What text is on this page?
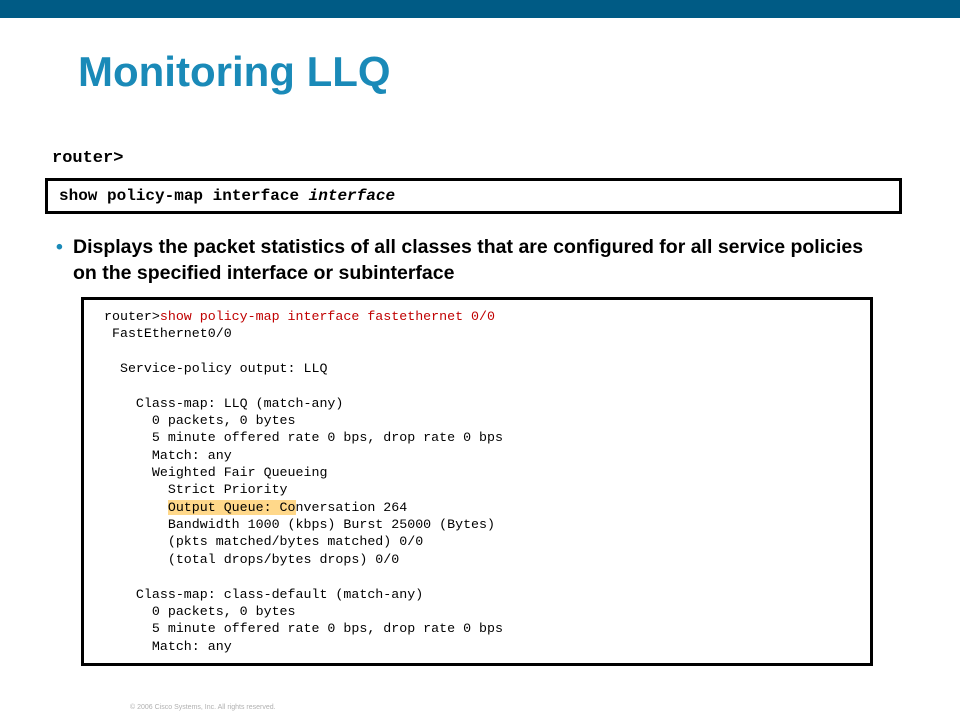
Monitoring LLQ
router>
show policy-map interface interface
• Displays the packet statistics of all classes that are configured for all service policies on the specified interface or subinterface
router>show policy-map interface fastethernet 0/0
FastEthernet0/0

Service-policy output: LLQ

Class-map: LLQ (match-any)
0 packets, 0 bytes
5 minute offered rate 0 bps, drop rate 0 bps
Match: any
Weighted Fair Queueing
Strict Priority
Output Queue: Conversation 264
Bandwidth 1000 (kbps) Burst 25000 (Bytes)
(pkts matched/bytes matched) 0/0
(total drops/bytes drops) 0/0

Class-map: class-default (match-any)
0 packets, 0 bytes
5 minute offered rate 0 bps, drop rate 0 bps
Match: any
© 2006 Cisco Systems, Inc. All rights reserved.
